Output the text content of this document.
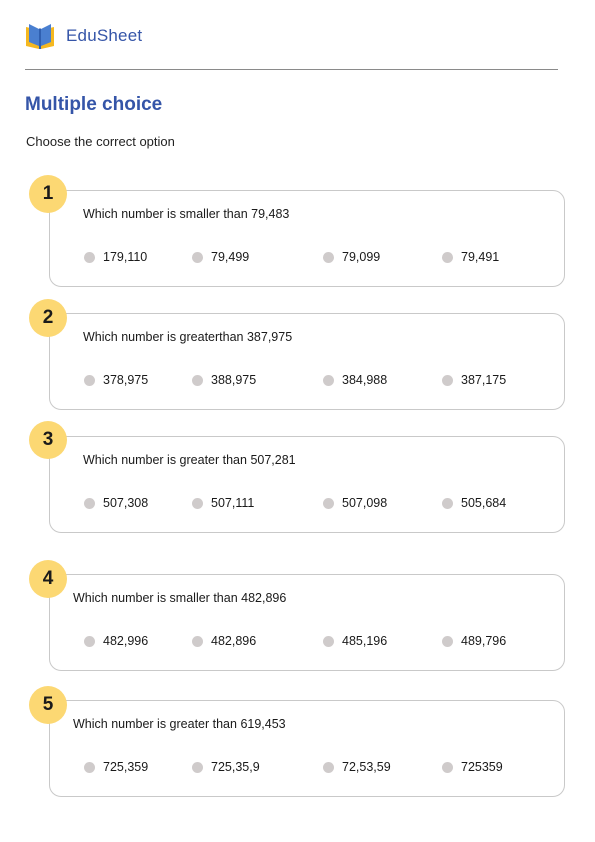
EduSheet
Multiple choice
Choose the correct option
1
Which number is smaller than 79,483
179,110	79,499	79,099	79,491
2
Which number is greaterthan 387,975
378,975	388,975	384,988	387,175
3
Which number is greater than 507,281
507,308	507,111	507,098	505,684
4
Which number is smaller than 482,896
482,996	482,896	485,196	489,796
5
Which number is greater than 619,453
725,359	725,35,9	72,53,59	725359
